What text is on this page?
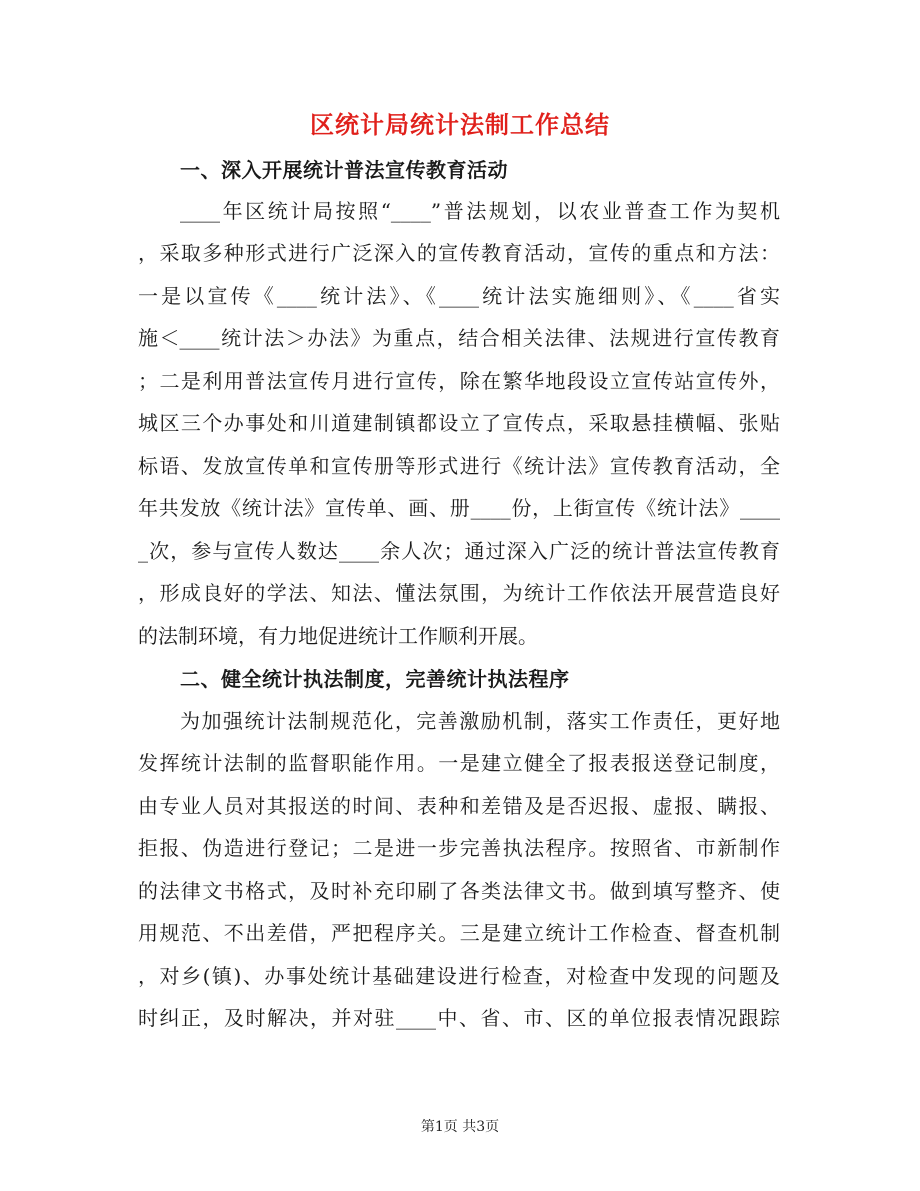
区统计局统计法制工作总结
一、深入开展统计普法宣传教育活动
____年区统计局按照“____”普法规划，以农业普查工作为契机
，采取多种形式进行广泛深入的宣传教育活动，宣传的重点和方法：
一是以宣传《____统计法》、《____统计法实施细则》、《____省实
施＜____统计法＞办法》为重点，结合相关法律、法规进行宣传教育
；二是利用普法宣传月进行宣传，除在繁华地段设立宣传站宣传外，
城区三个办事处和川道建制镇都设立了宣传点，采取悬挂横幅、张贴
标语、发放宣传单和宣传册等形式进行《统计法》宣传教育活动，全
年共发放《统计法》宣传单、画、册____份，上街宣传《统计法》____
_次，参与宣传人数达____余人次；通过深入广泛的统计普法宣传教育
，形成良好的学法、知法、懂法氛围，为统计工作依法开展营造良好
的法制环境，有力地促进统计工作顺利开展。
二、健全统计执法制度，完善统计执法程序
为加强统计法制规范化，完善激励机制，落实工作责任，更好地
发挥统计法制的监督职能作用。一是建立健全了报表报送登记制度，
由专业人员对其报送的时间、表种和差错及是否迟报、虚报、瞒报、
拒报、伪造进行登记；二是进一步完善执法程序。按照省、市新制作
的法律文书格式，及时补充印刷了各类法律文书。做到填写整齐、使
用规范、不出差借，严把程序关。三是建立统计工作检查、督查机制
，对乡(镇)、办事处统计基础建设进行检查，对检查中发现的问题及
时纠正，及时解决，并对驻____中、省、市、区的单位报表情况跟踪
第1页 共3页
